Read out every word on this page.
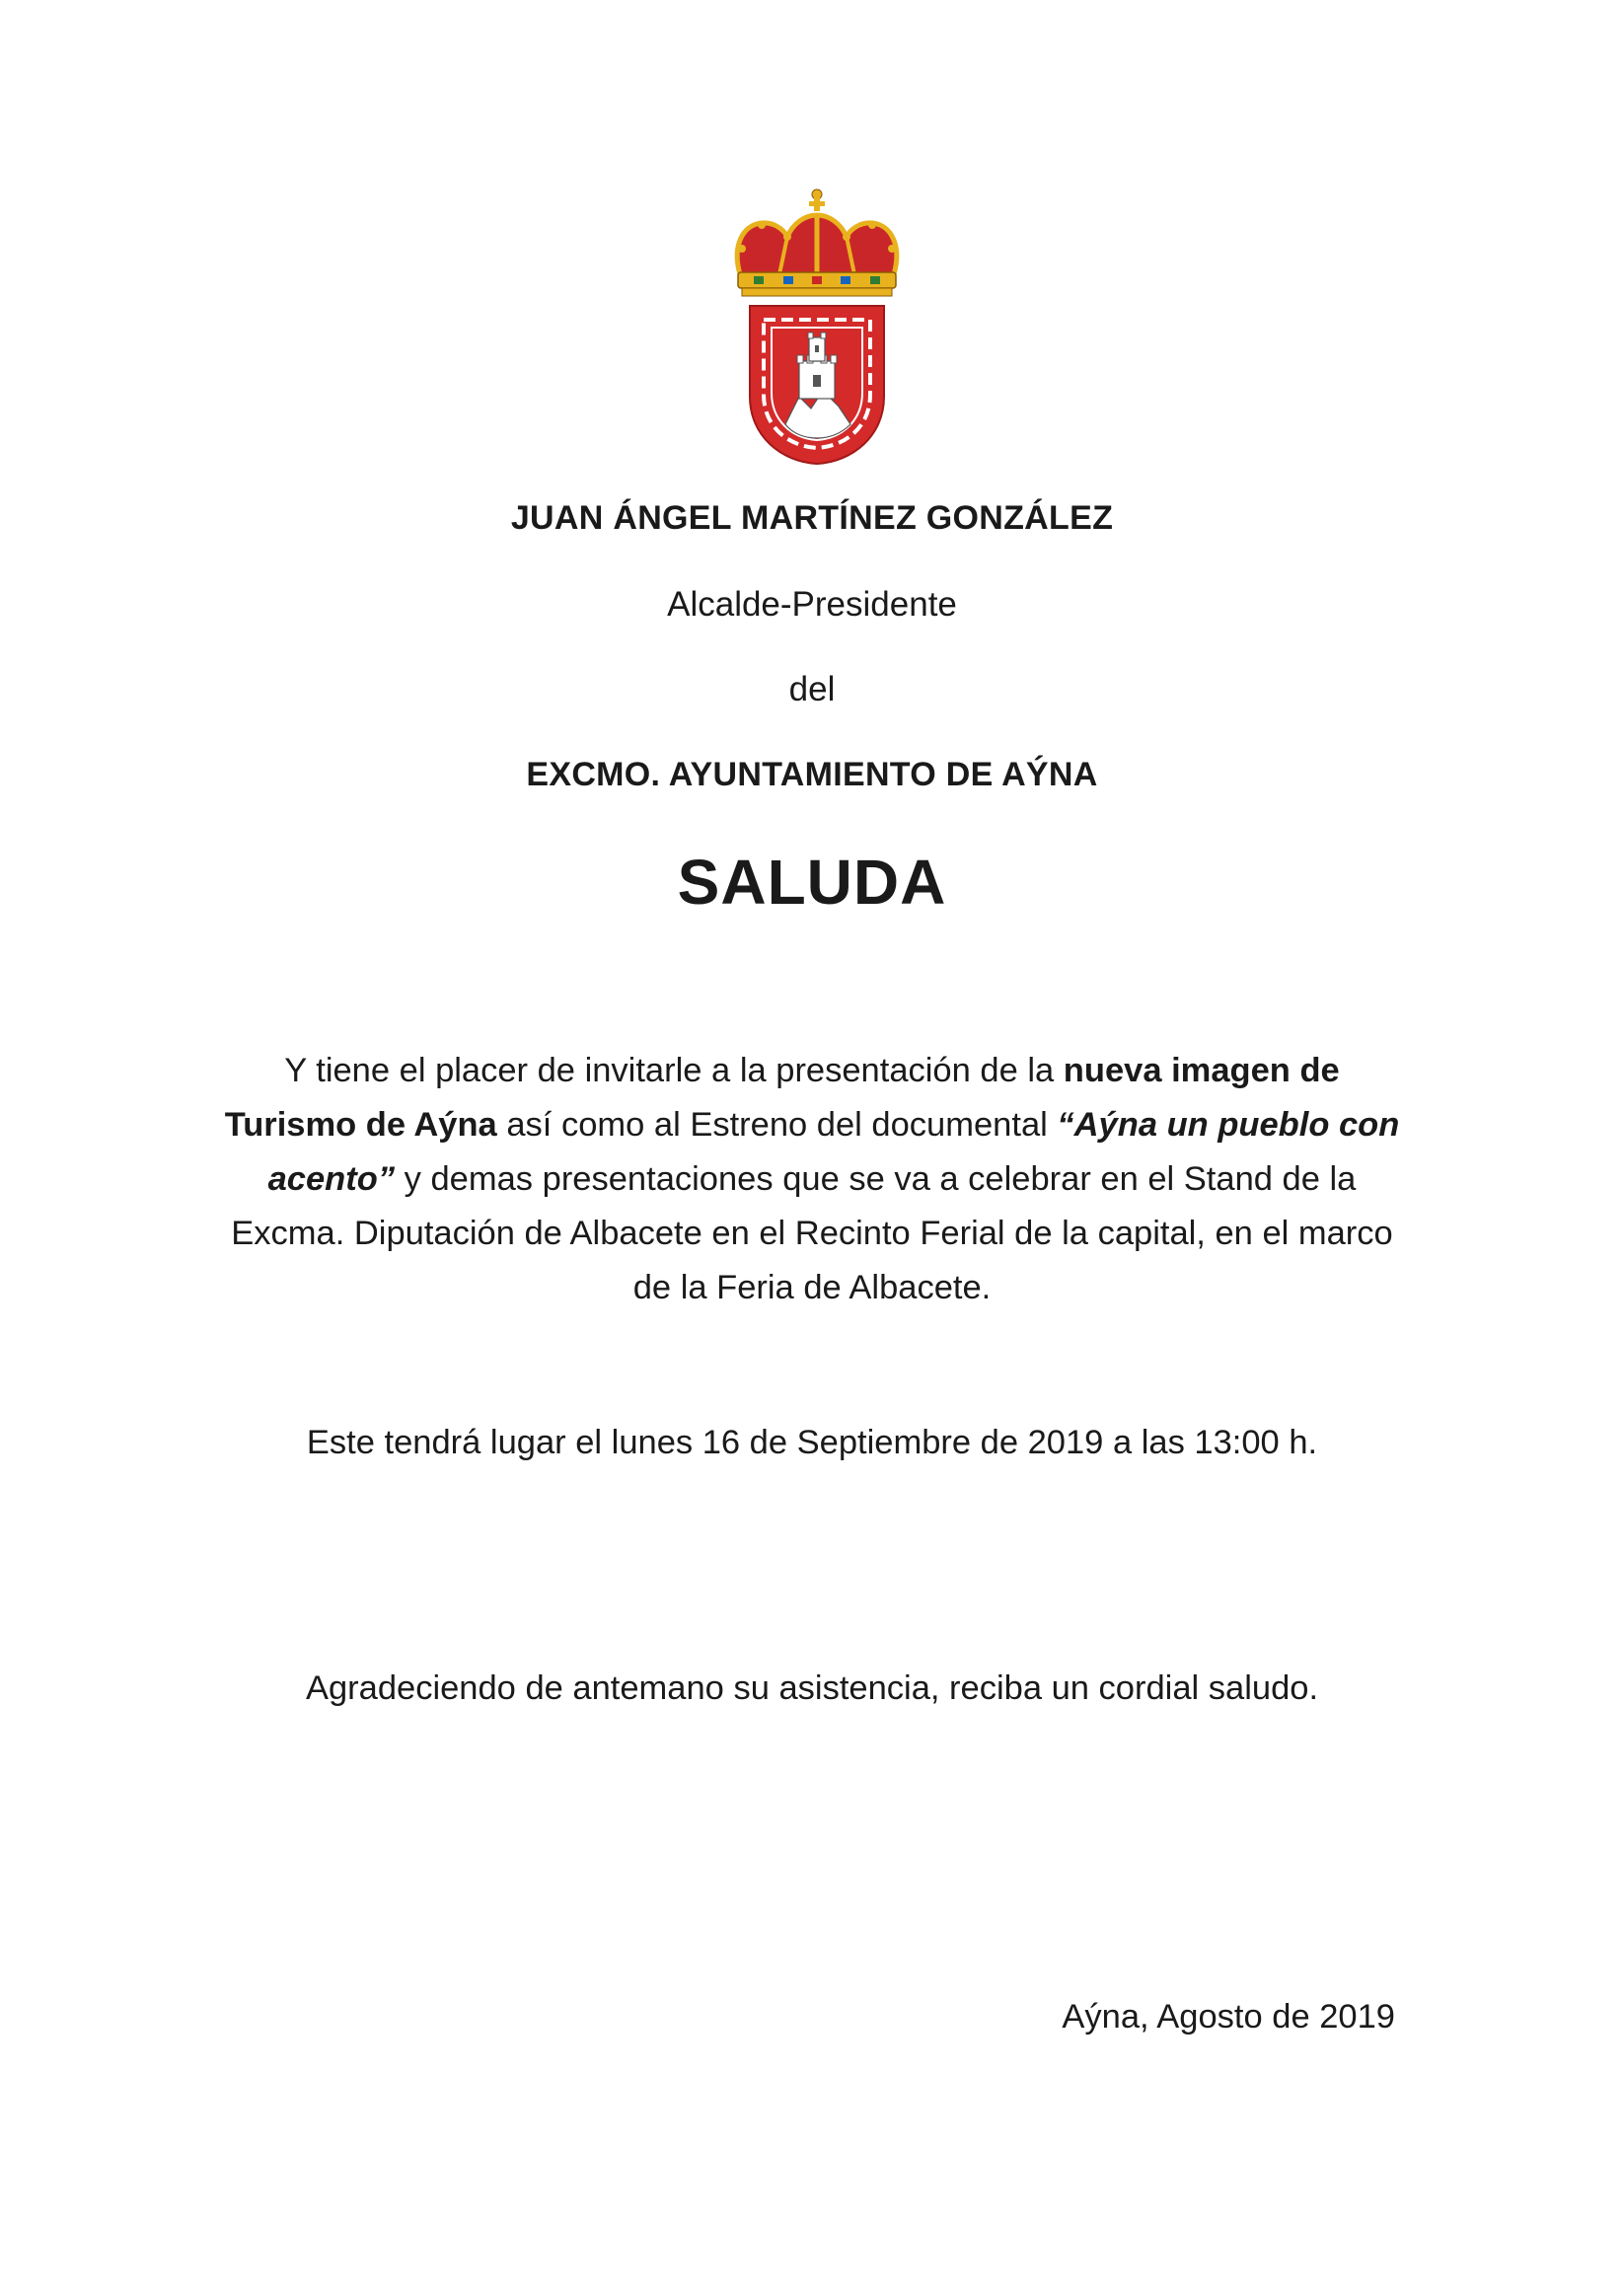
JUAN ÁNGEL MARTÍNEZ GONZÁLEZ
Alcalde-Presidente
del
EXCMO. AYUNTAMIENTO DE AÝNA
SALUDA
Y tiene el placer de invitarle a la presentación de la nueva imagen de Turismo de Aýna así como al Estreno del documental “Aýna un pueblo con acento” y demas presentaciones que se va a celebrar en el Stand de la Excma. Diputación de Albacete en el Recinto Ferial de la capital, en el marco de la Feria de Albacete.
Este tendrá lugar el lunes 16 de Septiembre de 2019 a las 13:00 h.
Agradeciendo de antemano su asistencia, reciba un cordial saludo.
Aýna, Agosto de 2019
